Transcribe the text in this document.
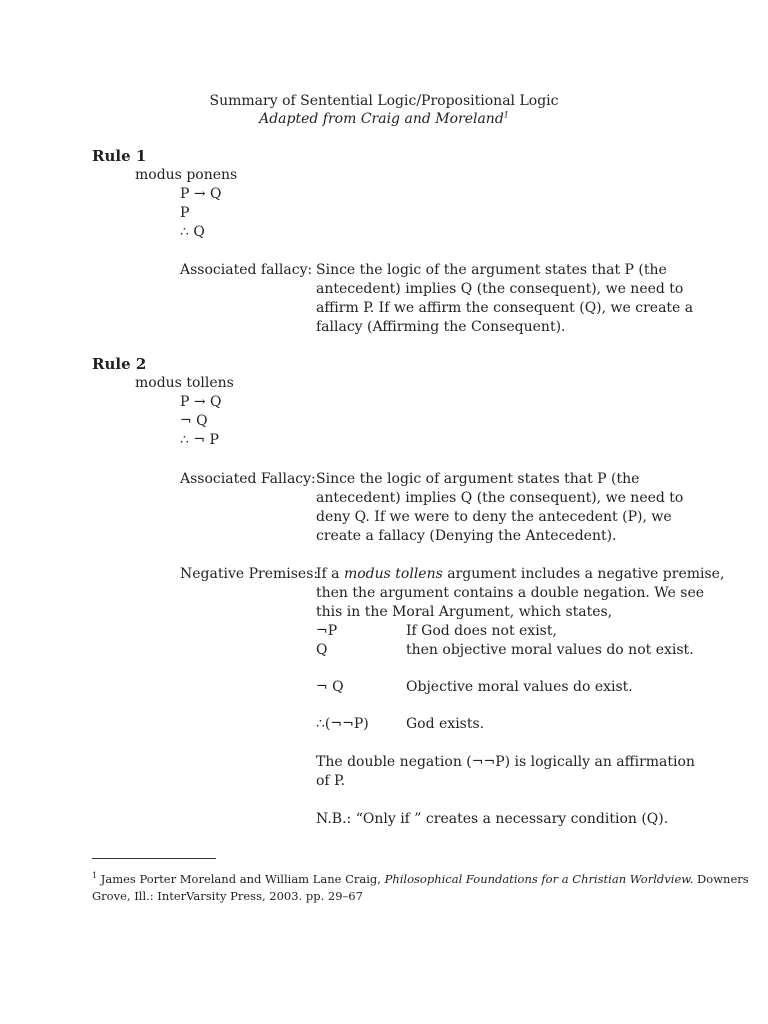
Summary of Sentential Logic/Propositional Logic
Adapted from Craig and Moreland$^1$
Rule 1
modus ponens
P → Q
P
∴ Q
Associated fallacy: Since the logic of the argument states that P (the
antecedent) implies Q (the consequent), we need to
affirm P. If we affirm the consequent (Q), we create a
fallacy (Affirming the Consequent).
Rule 2
modus tollens
P → Q
¬ Q
∴ ¬ P
Associated Fallacy: Since the logic of argument states that P (the
antecedent) implies Q (the consequent), we need to
deny Q. If we were to deny the antecedent (P), we
create a fallacy (Denying the Antecedent).
Negative Premises:
If a modus tollens argument includes a negative premise,
then the argument contains a double negation. We see
this in the Moral Argument, which states,
¬P	If God does not exist,
Q	then objective moral values do not exist.
¬ Q	Objective moral values do exist.
∴(¬¬P)	God exists.
The double negation (¬¬P) is logically an affirmation
of P.
N.B.: “Only if ” creates a necessary condition (Q).
$^1$ James Porter Moreland and William Lane Craig, Philosophical Foundations for a Christian Worldview. Downers
Grove, Ill.: InterVarsity Press, 2003. pp. 29–67
